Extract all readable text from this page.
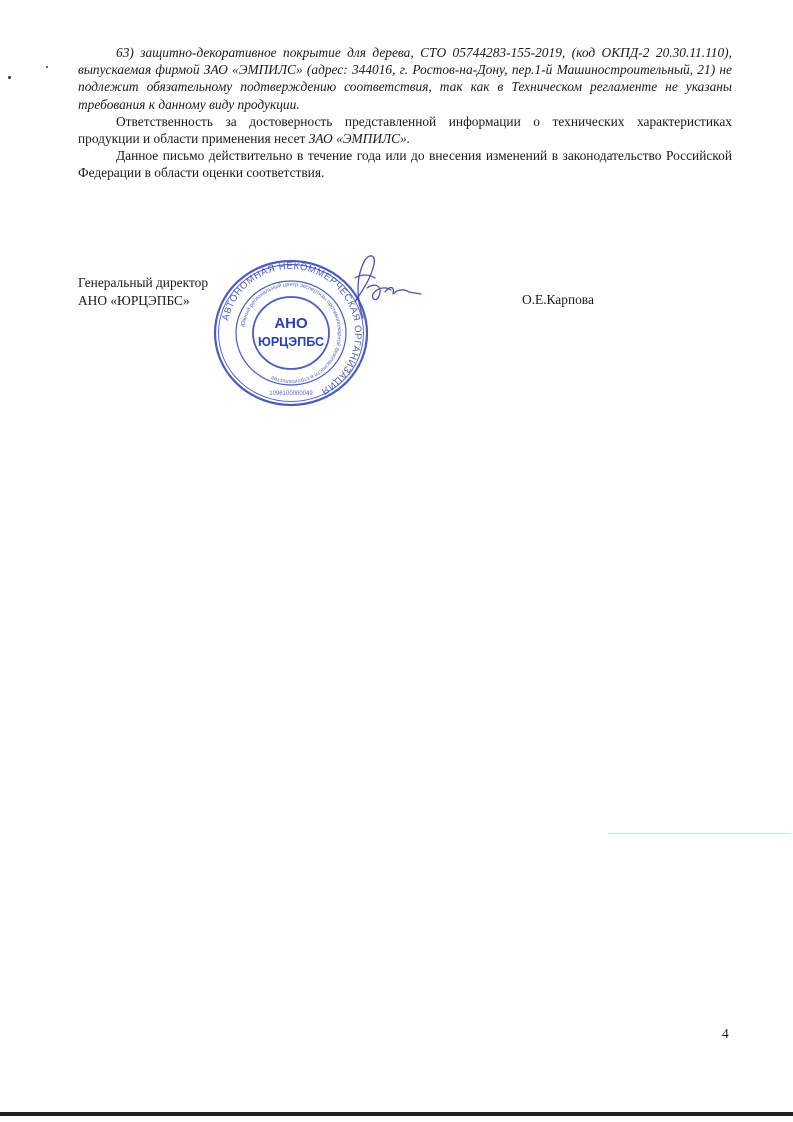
63) защитно-декоративное покрытие для дерева, СТО 05744283-155-2019, (код ОКПД-2 20.30.11.110), выпускаемая фирмой ЗАО «ЭМПИЛС» (адрес: 344016, г. Ростов-на-Дону, пер.1-й Машиностроительный, 21) не подлежит обязательному подтверждению соответствия, так как в Техническом регламенте не указаны требования к данному виду продукции.

Ответственность за достоверность представленной информации о технических характеристиках продукции и области применения несет ЗАО «ЭМПИЛС».

Данное письмо действительно в течение года или до внесения изменений в законодательство Российской Федерации в области оценки соответствия.

Генеральный директор
АНО «ЮРЦЭПБС»	О.Е.Карпова
АВТОНОМНАЯ НЕКОММЕРЧЕСКАЯ ОРГАНИЗАЦИЯ
Южный региональный центр экспертизы противопожарной безопасности в строительстве
1096100000049
АНО
ЮРЦЭПБС
4
